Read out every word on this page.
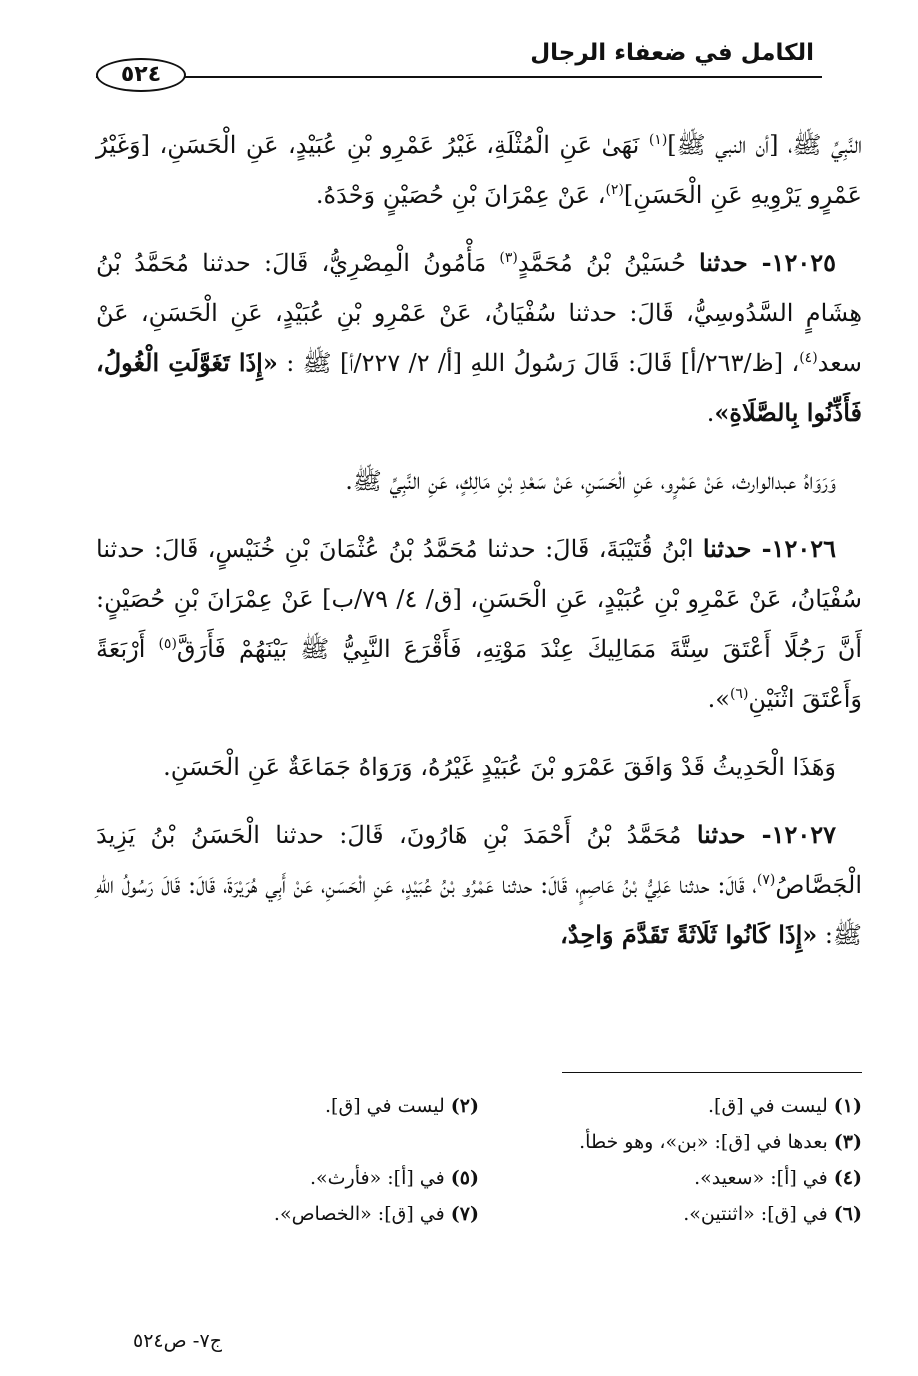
الكامل في ضعفاء الرجال
٥٢٤

النَّبِيِّ ﷺ، [أن النبي ﷺ]$^{(١)}$ نَهَىٰ عَنِ الْمُثْلَةِ، غَيْرُ عَمْرِو بْنِ عُبَيْدٍ، عَنِ الْحَسَنِ، [وَغَيْرُ عَمْرٍو يَرْوِيهِ عَنِ الْحَسَنِ]$^{(٢)}$، عَنْ عِمْرَانَ بْنِ حُصَيْنٍ وَحْدَهُ.

١٢٠٢٥- حدثنا حُسَيْنُ بْنُ مُحَمَّدٍ$^{(٣)}$ مَأْمُونُ الْمِصْرِيُّ، قَالَ: حدثنا مُحَمَّدُ بْنُ هِشَامٍ السَّدُوسِيُّ، قَالَ: حدثنا سُفْيَانُ، عَنْ عَمْرِو بْنِ عُبَيْدٍ، عَنِ الْحَسَنِ، عَنْ سعد$^{(٤)}$، [ظ/٢٦٣/أ] قَالَ: قَالَ رَسُولُ اللهِ [أ/ ٢/ ٢٢٧/أ] ﷺ : «إِذَا تَغَوَّلَتِ الْغُولُ، فَأَذِّنُوا بِالصَّلَاةِ».

وَرَوَاهُ عبدالوارث، عَنْ عَمْرٍو، عَنِ الْحَسَنِ، عَنْ سَعْدِ بْنِ مَالِكٍ، عَنِ النَّبِيِّ ﷺ.

١٢٠٢٦- حدثنا ابْنُ قُتَيْبَةَ، قَالَ: حدثنا مُحَمَّدُ بْنُ عُثْمَانَ بْنِ خُنَيْسٍ، قَالَ: حدثنا سُفْيَانُ، عَنْ عَمْرِو بْنِ عُبَيْدٍ، عَنِ الْحَسَنِ، [ق/ ٤/ ٧٩/ب] عَنْ عِمْرَانَ بْنِ حُصَيْنٍ: أَنَّ رَجُلًا أَعْتَقَ سِتَّةَ مَمَالِيكَ عِنْدَ مَوْتِهِ، فَأَقْرَعَ النَّبِيُّ ﷺ بَيْنَهُمْ فَأَرَقَّ$^{(٥)}$ أَرْبَعَةً وَأَعْتَقَ اثْنَيْنِ$^{(٦)}$».

وَهَذَا الْحَدِيثُ قَدْ وَافَقَ عَمْرَو بْنَ عُبَيْدٍ غَيْرُهُ، وَرَوَاهُ جَمَاعَةٌ عَنِ الْحَسَنِ.

١٢٠٢٧- حدثنا مُحَمَّدُ بْنُ أَحْمَدَ بْنِ هَارُونَ، قَالَ: حدثنا الْحَسَنُ بْنُ يَزِيدَ الْجَصَّاصُ$^{(٧)}$، قَالَ: حدثنا عَلِيُّ بْنُ عَاصِمٍ، قَالَ: حدثنا عَمْرُو بْنُ عُبَيْدٍ، عَنِ الْحَسَنِ، عَنْ أَبِي هُرَيْرَةَ، قَالَ: قَالَ رَسُولُ اللهِ ﷺ: «إِذَا كَانُوا ثَلَاثَةً تَقَدَّمَ وَاحِدٌ،

(١) ليست في [ق].
(٢) ليست في [ق].
(٣) بعدها في [ق]: «بن»، وهو خطأ.
(٤) في [أ]: «سعيد».
(٥) في [أ]: «فأرث».
(٦) في [ق]: «اثنتين».
(٧) في [ق]: «الخصاص».
ج٧- ص٥٢٤
